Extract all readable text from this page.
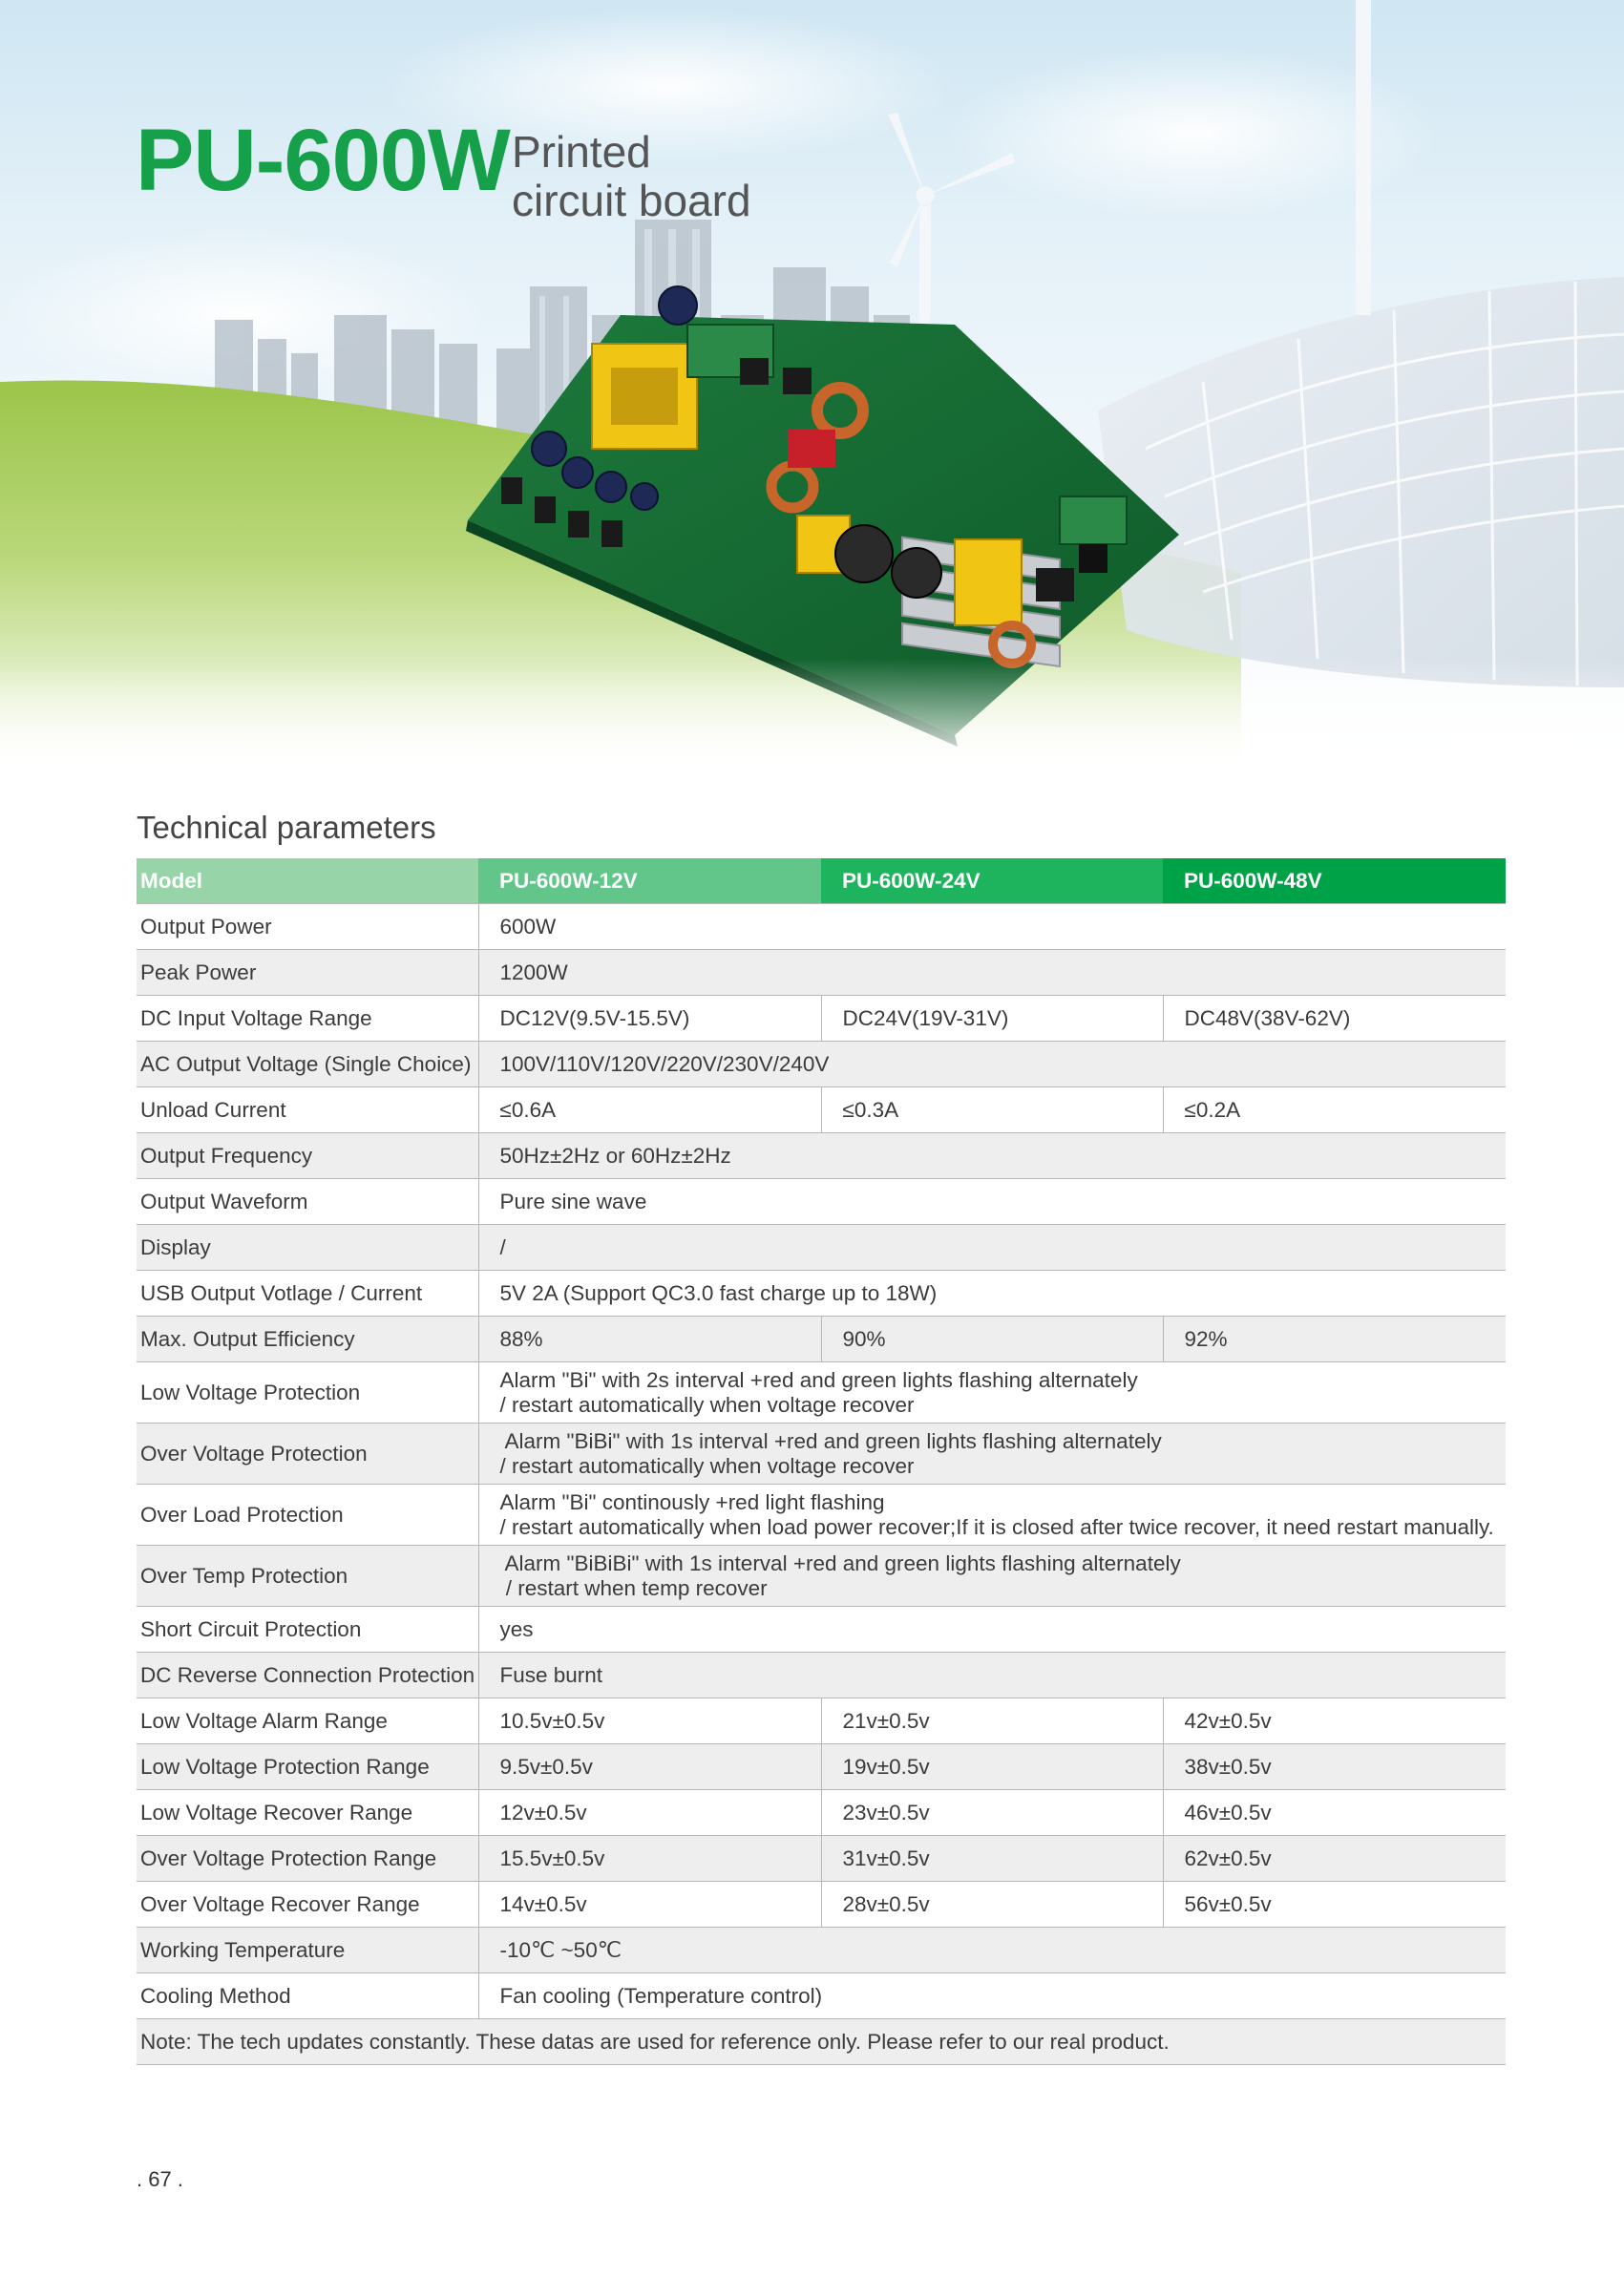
PU-600W Printed
circuit board
Technical parameters
Model	PU-600W-12V	PU-600W-24V	PU-600W-48V
Output Power	600W		
Peak Power	1200W		
DC Input Voltage Range	DC12V(9.5V-15.5V)	DC24V(19V-31V)	DC48V(38V-62V)
AC Output Voltage (Single Choice)	100V/110V/120V/220V/230V/240V		
Unload Current	≤0.6A	≤0.3A	≤0.2A
Output Frequency	50Hz±2Hz or 60Hz±2Hz		
Output Waveform	Pure sine wave		
Display	/		
USB Output Votlage / Current	5V 2A (Support QC3.0 fast charge up to 18W)		
Max. Output Efficiency	88%	90%	92%
Low Voltage Protection	Alarm "Bi" with 2s interval +red and green lights flashing alternately
/ restart automatically when voltage recover		

Over Voltage Protection	Alarm "BiBi" with 1s interval +red and green lights flashing alternately
/ restart automatically when voltage recover		

Over Load Protection	Alarm "Bi" continously +red light flashing
/ restart automatically when load power recover;If it is closed after twice recover, it need restart manually.		

Over Temp Protection	Alarm "BiBiBi" with 1s interval +red and green lights flashing alternately
/ restart when temp recover		

Short Circuit Protection	yes		
DC Reverse Connection Protection	Fuse burnt		
Low Voltage Alarm Range	10.5v±0.5v	21v±0.5v	42v±0.5v
Low Voltage Protection Range	9.5v±0.5v	19v±0.5v	38v±0.5v
Low Voltage Recover Range	12v±0.5v	23v±0.5v	46v±0.5v
Over Voltage Protection Range	15.5v±0.5v	31v±0.5v	62v±0.5v
Over Voltage Recover Range	14v±0.5v	28v±0.5v	56v±0.5v
Working Temperature	-10℃ ~50℃		
Cooling Method	Fan cooling (Temperature control)		
Note: The tech updates constantly. These datas are used for reference only. Please refer to our real product.			
. 67 .
